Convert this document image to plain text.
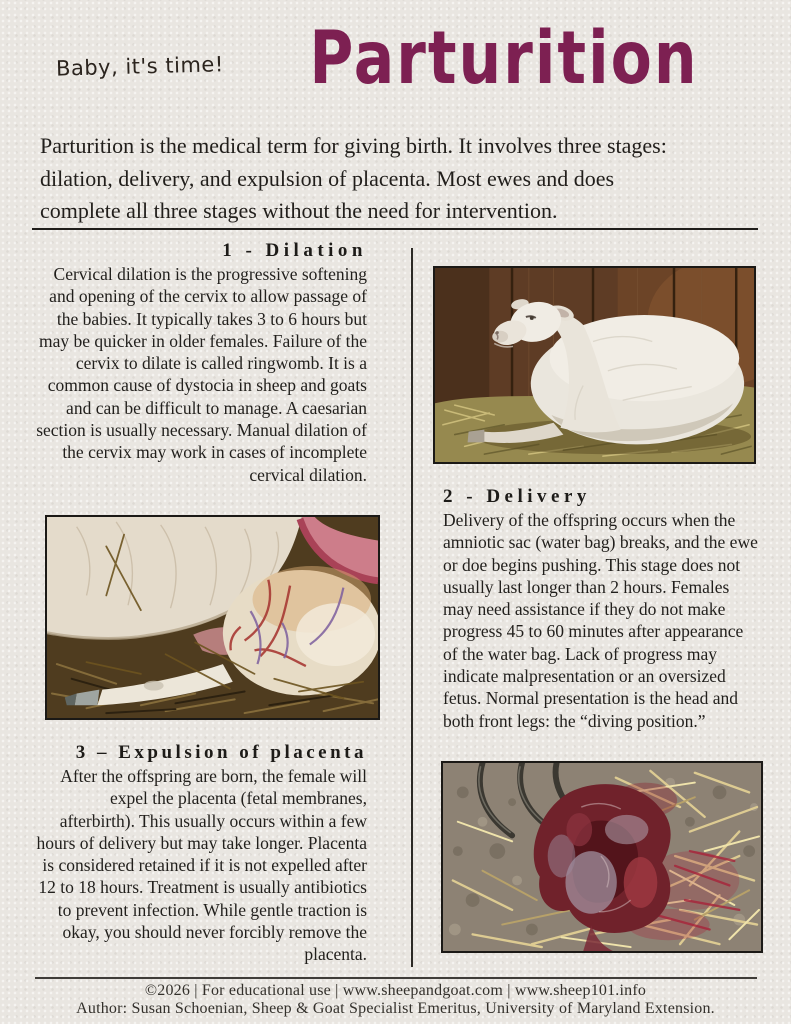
Baby, it's time!	Parturition
Parturition is the medical term for giving birth. It involves three stages:
dilation, delivery, and expulsion of placenta. Most ewes and does
complete all three stages without the need for intervention.
1 - Dilation
Cervical dilation is the progressive softening and opening of the cervix to allow passage of the babies. It typically takes 3 to 6 hours but may be quicker in older females. Failure of the cervix to dilate is called ringwomb. It is a common cause of dystocia in sheep and goats and can be difficult to manage. A caesarian section is usually necessary. Manual dilation of the cervix may work in cases of incomplete cervical dilation.
2 - Delivery
Delivery of the offspring occurs when the amniotic sac (water bag) breaks, and the ewe or doe begins pushing. This stage does not usually last longer than 2 hours. Females may need assistance if they do not make progress 45 to 60 minutes after appearance of the water bag. Lack of progress may indicate malpresentation or an oversized fetus. Normal presentation is the head and both front legs: the “diving position.”
3 – Expulsion of placenta
After the offspring are born, the female will expel the placenta (fetal membranes, afterbirth). This usually occurs within a few hours of delivery but may take longer. Placenta is considered retained if it is not expelled after 12 to 18 hours. Treatment is usually antibiotics to prevent infection. While gentle traction is okay, you should never forcibly remove the placenta.
©2026 | For educational use | www.sheepandgoat.com | www.sheep101.info
Author: Susan Schoenian, Sheep & Goat Specialist Emeritus, University of Maryland Extension.
